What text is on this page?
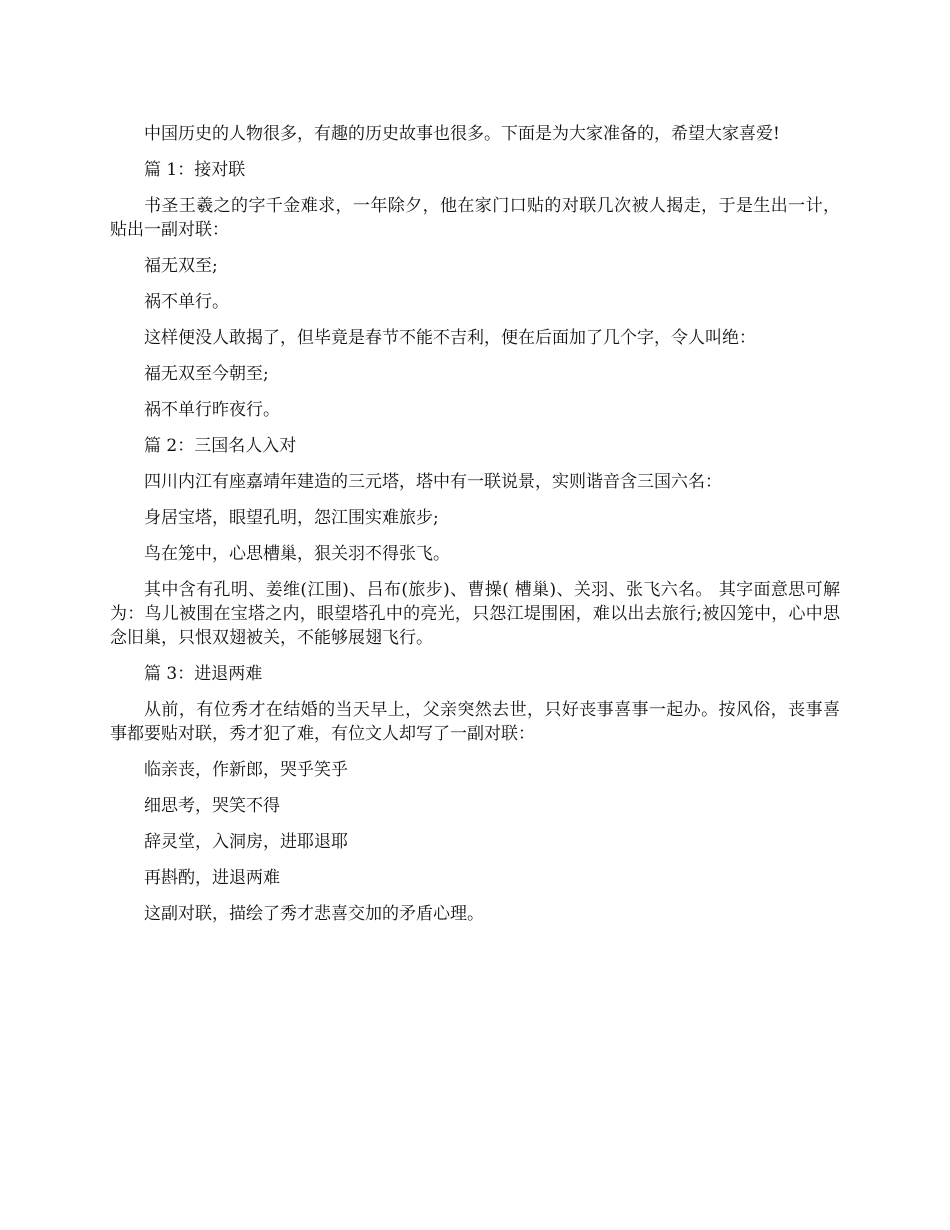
中国历史的人物很多，有趣的历史故事也很多。下面是为大家准备的，希望大家喜爱!

篇 1：接对联

书圣王羲之的字千金难求，一年除夕，他在家门口贴的对联几次被人揭走，于是生出一计，贴出一副对联：

福无双至;

祸不单行。

这样便没人敢揭了，但毕竟是春节不能不吉利，便在后面加了几个字，令人叫绝：

福无双至今朝至;

祸不单行昨夜行。

篇 2：三国名人入对

四川内江有座嘉靖年建造的三元塔，塔中有一联说景，实则谐音含三国六名：

身居宝塔，眼望孔明，怨江围实难旅步;

鸟在笼中，心思槽巢，狠关羽不得张飞。

其中含有孔明、姜维(江围)、吕布(旅步)、曹操( 槽巢)、关羽、张飞六名。 其字面意思可解为：鸟儿被围在宝塔之内，眼望塔孔中的亮光，只怨江堤围困，难以出去旅行;被囚笼中，心中思念旧巢，只恨双翅被关，不能够展翅飞行。

篇 3：进退两难

从前，有位秀才在结婚的当天早上，父亲突然去世，只好丧事喜事一起办。按风俗，丧事喜事都要贴对联，秀才犯了难，有位文人却写了一副对联：

临亲丧，作新郎，哭乎笑乎

细思考，哭笑不得

辞灵堂，入洞房，进耶退耶

再斟酌，进退两难

这副对联，描绘了秀才悲喜交加的矛盾心理。
